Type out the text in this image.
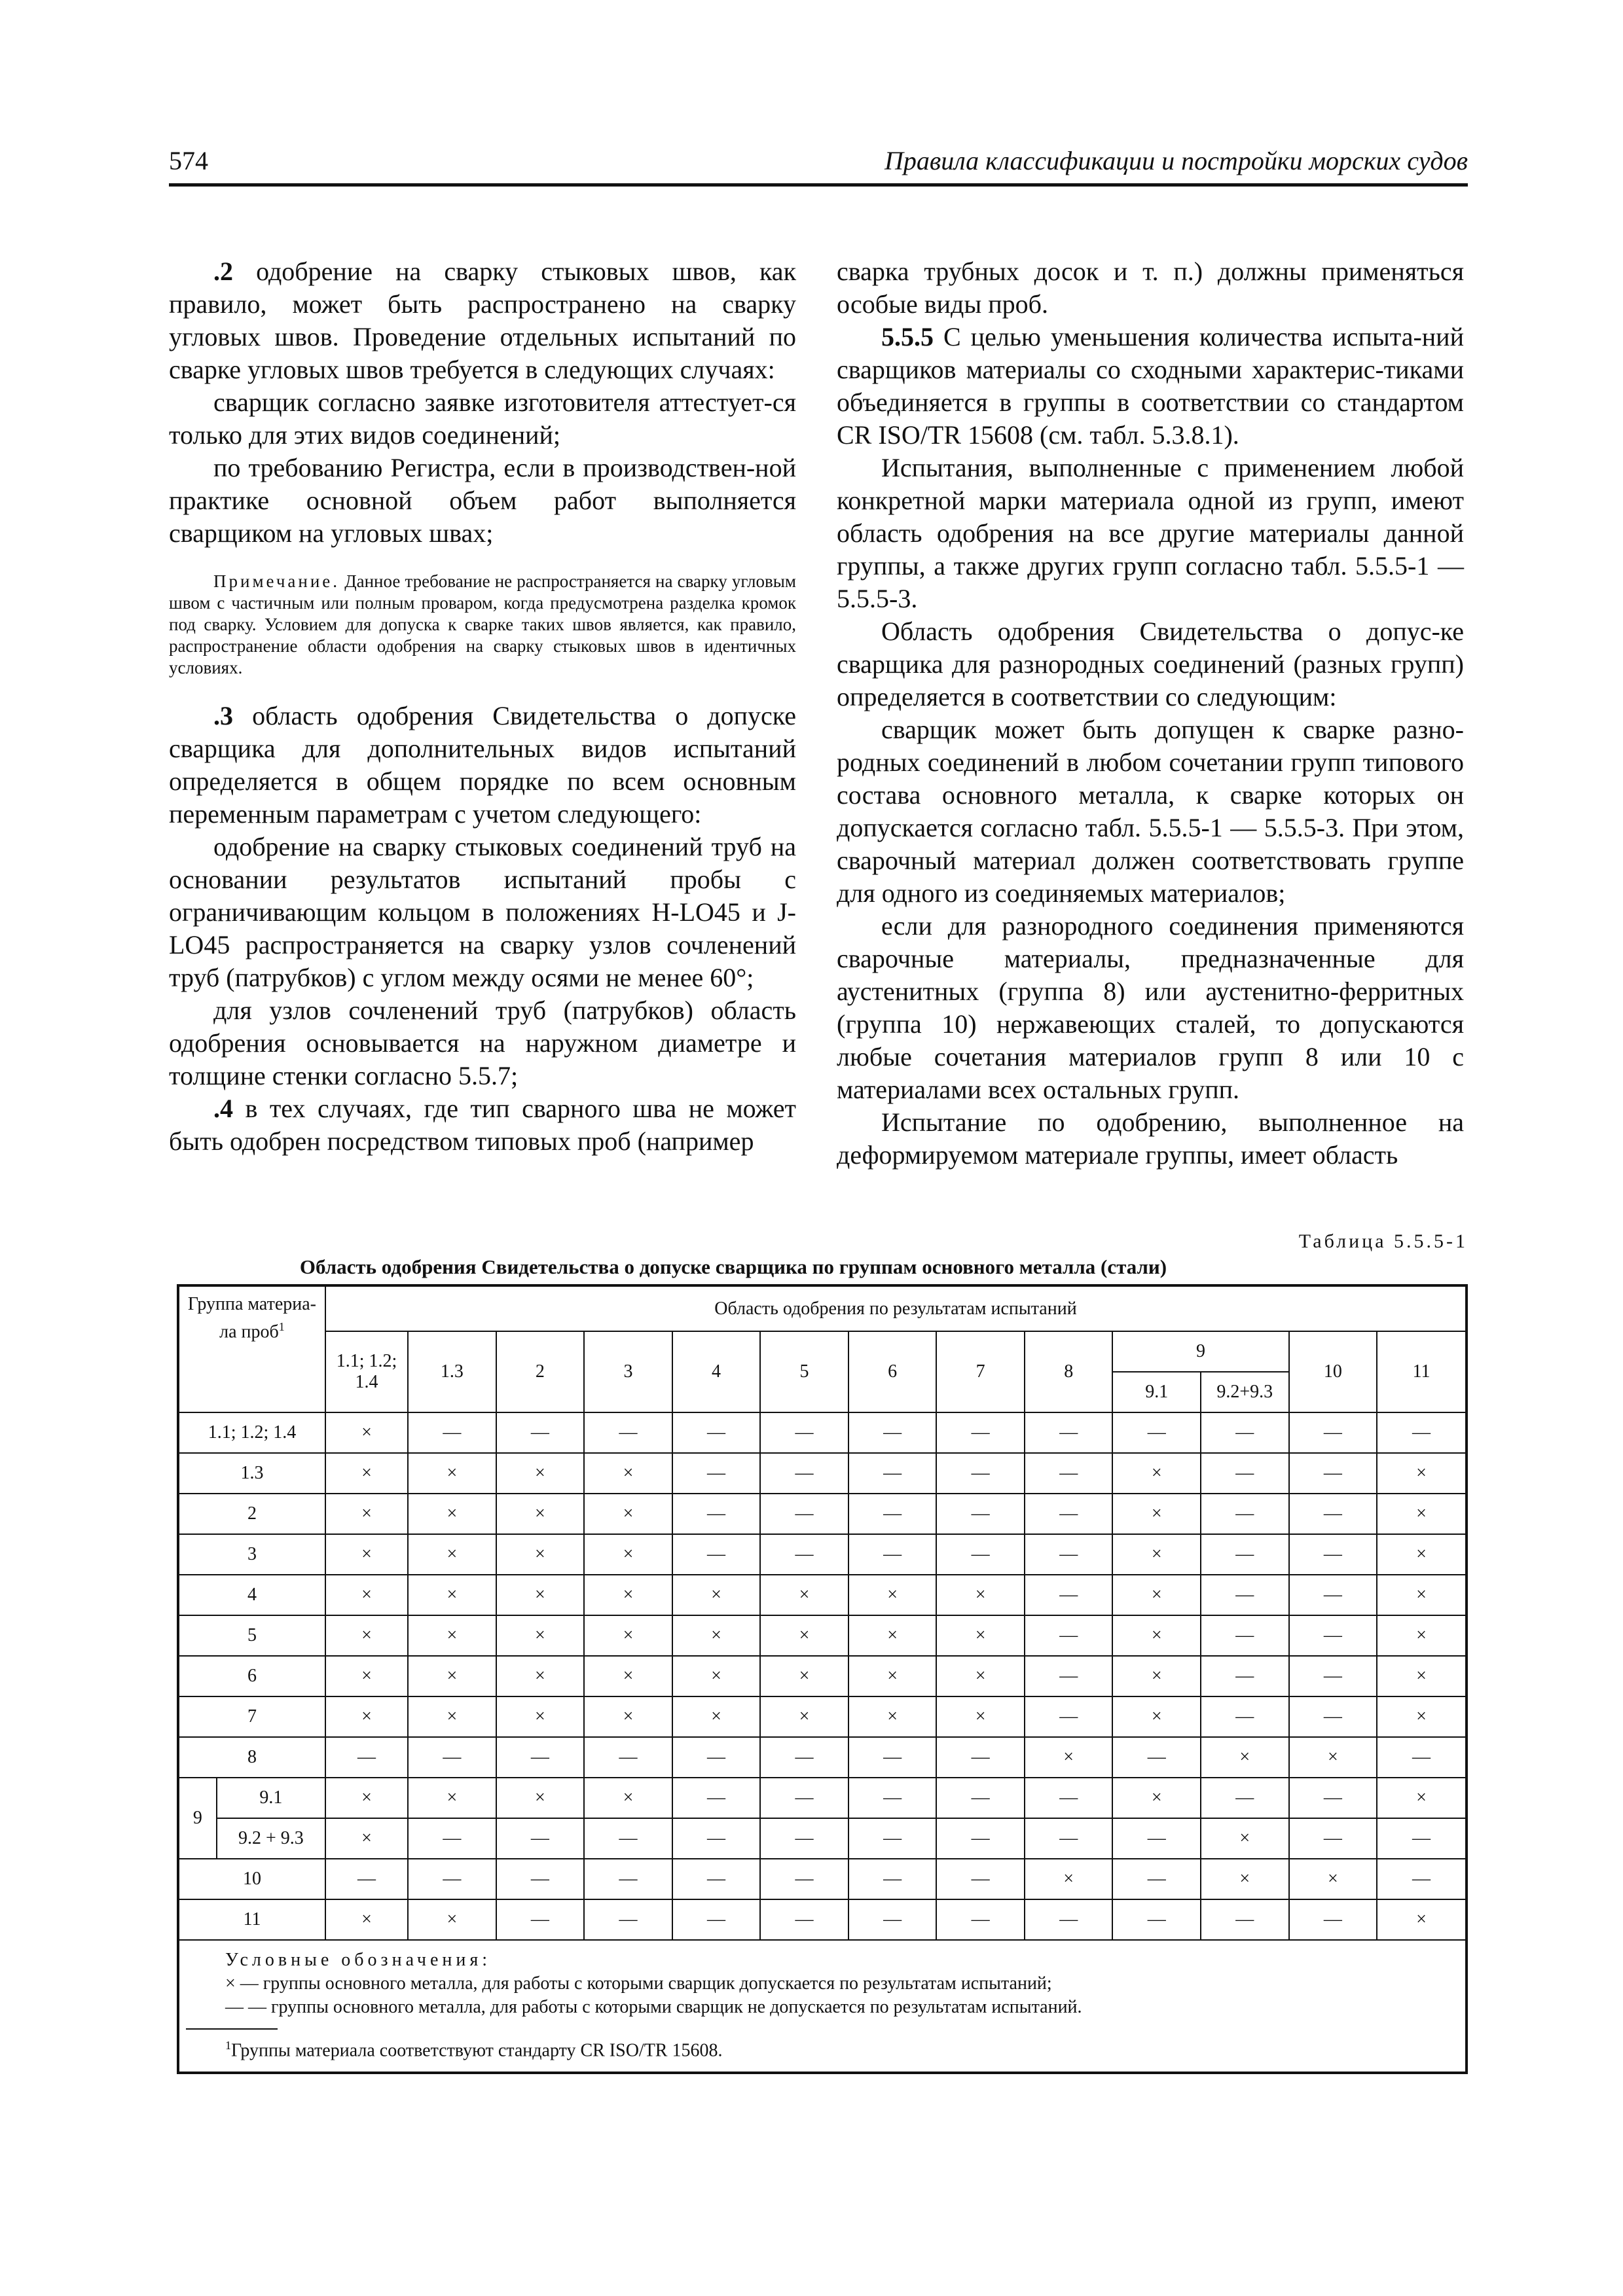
574	Правила классификации и постройки морских судов

.2 одобрение на сварку стыковых швов, как правило, может быть распространено на сварку угловых швов. Проведение отдельных испытаний по сварке угловых швов требуется в следующих случаях:

сварщик согласно заявке изготовителя аттестует-ся только для этих видов соединений;

по требованию Регистра, если в производствен-ной практике основной объем работ выполняется сварщиком на угловых швах;

Примечание. Данное требование не распространяется на сварку угловым швом с частичным или полным проваром, когда предусмотрена разделка кромок под сварку. Условием для допуска к сварке таких швов является, как правило, распространение области одобрения на сварку стыковых швов в идентичных условиях.

.3 область одобрения Свидетельства о допуске сварщика для дополнительных видов испытаний определяется в общем порядке по всем основным переменным параметрам с учетом следующего:

одобрение на сварку стыковых соединений труб на основании результатов испытаний пробы с ограничивающим кольцом в положениях H-LO45 и J-LO45 распространяется на сварку узлов сочленений труб (патрубков) с углом между осями не менее 60°;

для узлов сочленений труб (патрубков) область одобрения основывается на наружном диаметре и толщине стенки согласно 5.5.7;

.4 в тех случаях, где тип сварного шва не может быть одобрен посредством типовых проб (например

сварка трубных досок и т. п.) должны применяться особые виды проб.

5.5.5 С целью уменьшения количества испыта-ний сварщиков материалы со сходными характерис-тиками объединяется в группы в соответствии со стандартом CR ISO/TR 15608 (см. табл. 5.3.8.1).

Испытания, выполненные с применением любой конкретной марки материала одной из групп, имеют область одобрения на все другие материалы данной группы, а также других групп согласно табл. 5.5.5-1 — 5.5.5-3.

Область одобрения Свидетельства о допус-ке сварщика для разнородных соединений (разных групп) определяется в соответствии со следующим:

сварщик может быть допущен к сварке разно-родных соединений в любом сочетании групп типового состава основного металла, к сварке которых он допускается согласно табл. 5.5.5-1 — 5.5.5-3. При этом, сварочный материал должен соответствовать группе для одного из соединяемых материалов;

если для разнородного соединения применяются сварочные материалы, предназначенные для аустенитных (группа 8) или аустенитно-ферритных (группа 10) нержавеющих сталей, то допускаются любые сочетания материалов групп 8 или 10 с материалами всех остальных групп.

Испытание по одобрению, выполненное на деформируемом материале группы, имеет область

Таблица 5.5.5-1
Область одобрения Свидетельства о допуске сварщика по группам основного металла (стали)
Группа материа-ла проб$^1$		Область одобрения по результатам испытаний												
		1.1; 1.2; 1.4	1.3	2	3	4	5	6	7	8	9		10	11
											9.1	9.2+9.3		
1.1; 1.2; 1.4		×	—	—	—	—	—	—	—	—	—	—	—	—
1.3		×	×	×	×	—	—	—	—	—	×	—	—	×
2		×	×	×	×	—	—	—	—	—	×	—	—	×
3		×	×	×	×	—	—	—	—	—	×	—	—	×
4		×	×	×	×	×	×	×	×	—	×	—	—	×
5		×	×	×	×	×	×	×	×	—	×	—	—	×
6		×	×	×	×	×	×	×	×	—	×	—	—	×
7		×	×	×	×	×	×	×	×	—	×	—	—	×
8		—	—	—	—	—	—	—	—	×	—	×	×	—
9	9.1	×	×	×	×	—	—	—	—	—	×	—	—	×
	9.2 + 9.3	×	—	—	—	—	—	—	—	—	—	×	—	—
10		—	—	—	—	—	—	—	—	×	—	×	×	—
11		×	×	—	—	—	—	—	—	—	—	—	—	×

Условные обозначения:
× — группы основного металла, для работы с которыми сварщик допускается по результатам испытаний;
— — группы основного металла, для работы с которыми сварщик не допускается по результатам испытаний.
$^1$Группы материала соответствуют стандарту CR ISO/TR 15608.														
